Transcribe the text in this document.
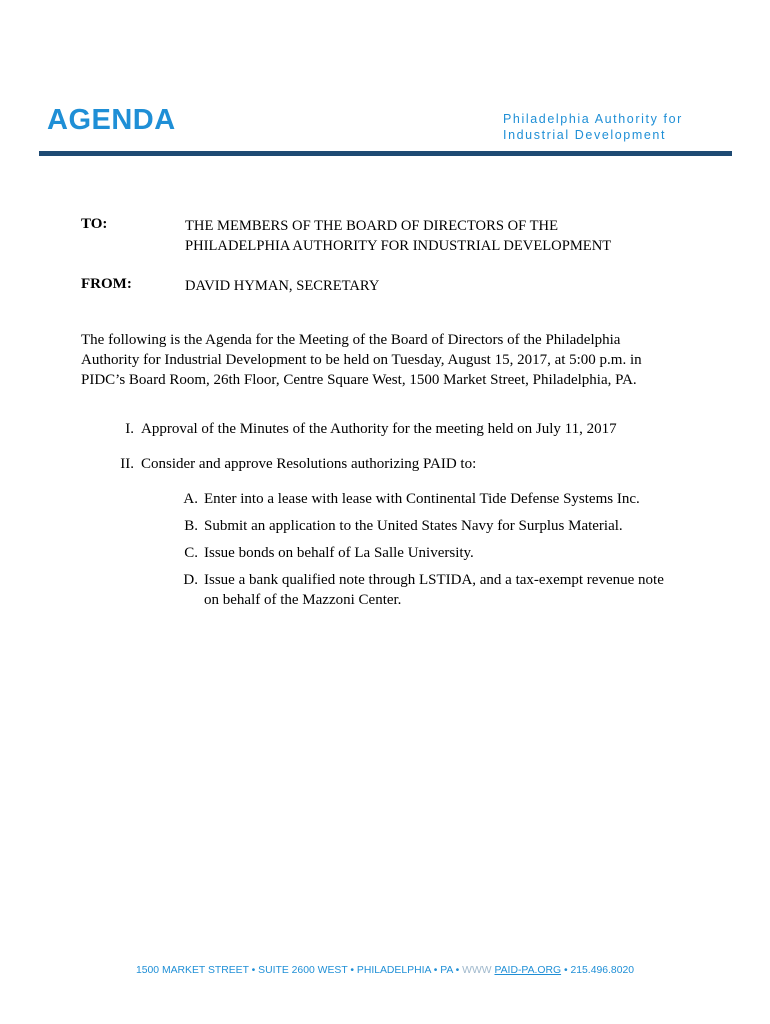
AGENDA	Philadelphia Authority for
Industrial Development
TO:	THE MEMBERS OF THE BOARD OF DIRECTORS OF THE
PHILADELPHIA AUTHORITY FOR INDUSTRIAL DEVELOPMENT
FROM:	DAVID HYMAN, SECRETARY
The following is the Agenda for the Meeting of the Board of Directors of the Philadelphia
Authority for Industrial Development to be held on Tuesday, August 15, 2017, at 5:00 p.m. in
PIDC’s Board Room, 26th Floor, Centre Square West, 1500 Market Street, Philadelphia, PA.
I. Approval of the Minutes of the Authority for the meeting held on July 11, 2017
II. Consider and approve Resolutions authorizing PAID to:
A. Enter into a lease with lease with Continental Tide Defense Systems Inc.
B. Submit an application to the United States Navy for Surplus Material.
C. Issue bonds on behalf of La Salle University.
D. Issue a bank qualified note through LSTIDA, and a tax-exempt revenue note
on behalf of the Mazzoni Center.
1500 MARKET STREET • SUITE 2600 WEST • PHILADELPHIA • PA • WWW PAID-PA.ORG • 215.496.8020
